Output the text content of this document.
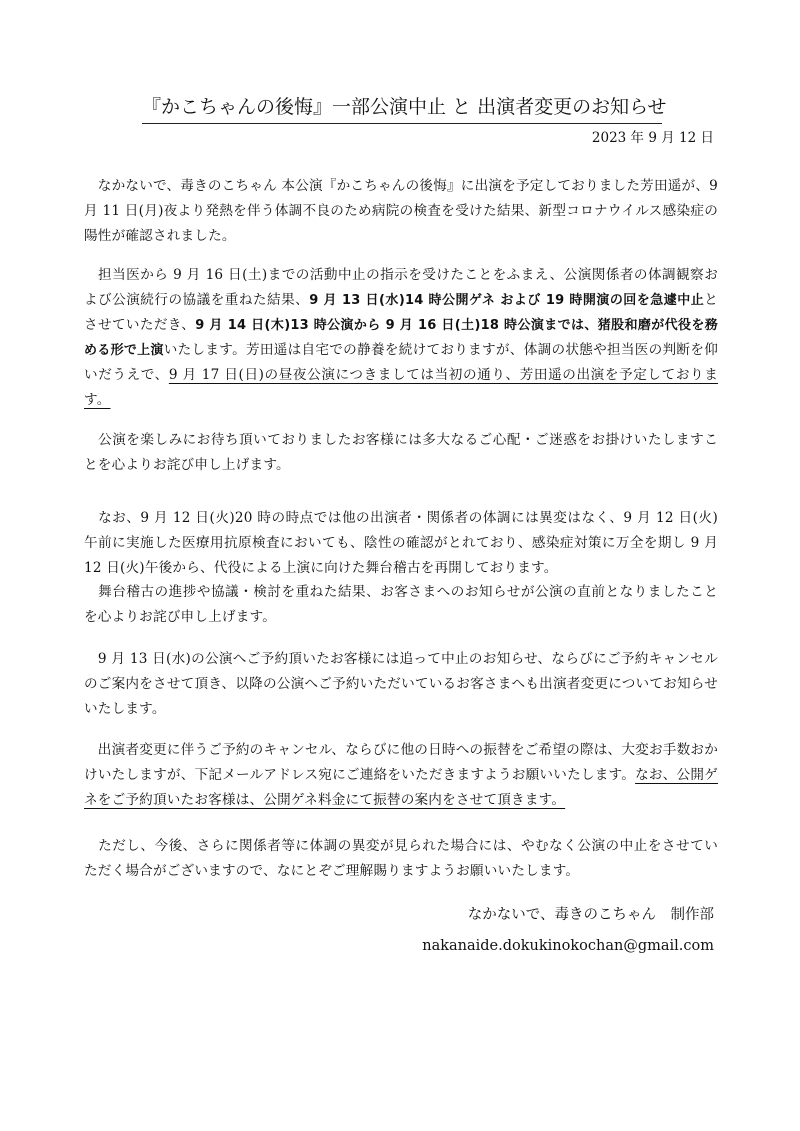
『かこちゃんの後悔』一部公演中止 と 出演者変更のお知らせ
2023 年 9 月 12 日
　なかないで、毒きのこちゃん 本公演『かこちゃんの後悔』に出演を予定しておりました芳田遥が、9 月 11 日(月)夜より発熱を伴う体調不良のため病院の検査を受けた結果、新型コロナウイルス感染症の陽性が確認されました。
　担当医から 9 月 16 日(土)までの活動中止の指示を受けたことをふまえ、公演関係者の体調観察および公演続行の協議を重ねた結果、9 月 13 日(水)14 時公開ゲネ および 19 時開演の回を急遽中止とさせていただき、9 月 14 日(木)13 時公演から 9 月 16 日(土)18 時公演までは、猪股和磨が代役を務める形で上演いたします。芳田遥は自宅での静養を続けておりますが、体調の状態や担当医の判断を仰いだうえで、9 月 17 日(日)の昼夜公演につきましては当初の通り、芳田遥の出演を予定しております。
　公演を楽しみにお待ち頂いておりましたお客様には多大なるご心配・ご迷惑をお掛けいたしますことを心よりお詫び申し上げます。
　なお、9 月 12 日(火)20 時の時点では他の出演者・関係者の体調には異変はなく、9 月 12 日(火)午前に実施した医療用抗原検査においても、陰性の確認がとれており、感染症対策に万全を期し 9 月 12 日(火)午後から、代役による上演に向けた舞台稽古を再開しております。
　舞台稽古の進捗や協議・検討を重ねた結果、お客さまへのお知らせが公演の直前となりましたことを心よりお詫び申し上げます。
　9 月 13 日(水)の公演へご予約頂いたお客様には追って中止のお知らせ、ならびにご予約キャンセルのご案内をさせて頂き、以降の公演へご予約いただいているお客さまへも出演者変更についてお知らせいたします。
　出演者変更に伴うご予約のキャンセル、ならびに他の日時への振替をご希望の際は、大変お手数おかけいたしますが、下記メールアドレス宛にご連絡をいただきますようお願いいたします。なお、公開ゲネをご予約頂いたお客様は、公開ゲネ料金にて振替の案内をさせて頂きます。
　ただし、今後、さらに関係者等に体調の異変が見られた場合には、やむなく公演の中止をさせていただく場合がございますので、なにとぞご理解賜りますようお願いいたします。
なかないで、毒きのこちゃん　制作部
nakanaide.dokukinokochan@gmail.com
